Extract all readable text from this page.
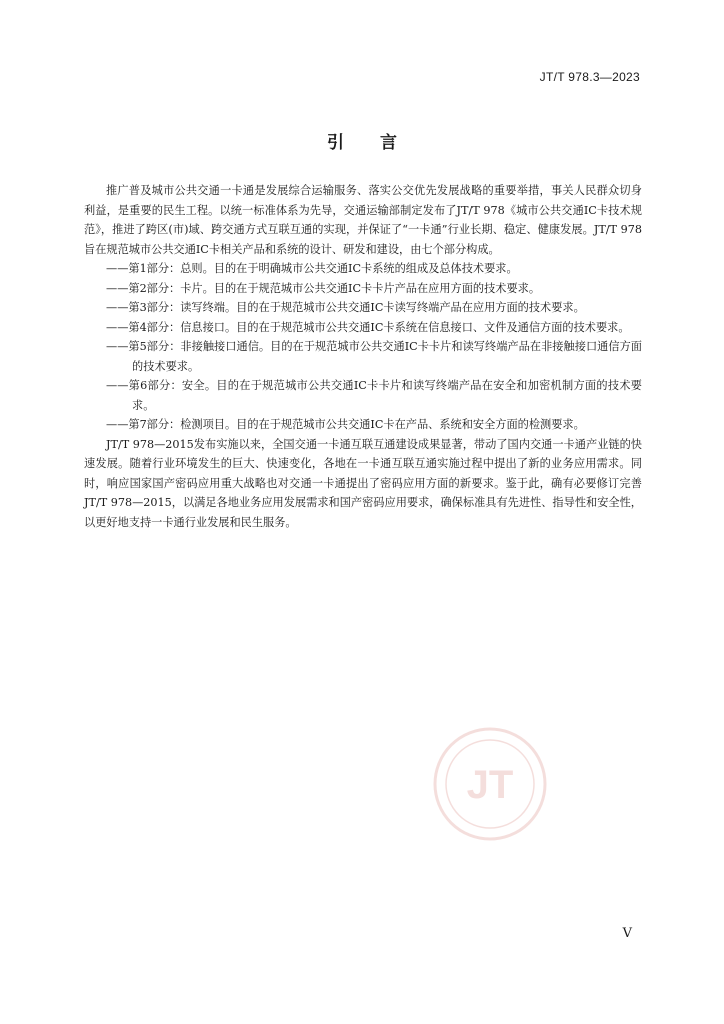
JT/T 978.3—2023
引言

推广普及城市公共交通一卡通是发展综合运输服务、落实公交优先发展战略的重要举措，事关人民群众切身利益，是重要的民生工程。以统一标准体系为先导，交通运输部制定发布了JT/T 978《城市公共交通IC卡技术规范》，推进了跨区(市)域、跨交通方式互联互通的实现，并保证了“一卡通”行业长期、稳定、健康发展。JT/T 978旨在规范城市公共交通IC卡相关产品和系统的设计、研发和建设，由七个部分构成。

——第1部分：总则。目的在于明确城市公共交通IC卡系统的组成及总体技术要求。

——第2部分：卡片。目的在于规范城市公共交通IC卡卡片产品在应用方面的技术要求。

——第3部分：读写终端。目的在于规范城市公共交通IC卡读写终端产品在应用方面的技术要求。

——第4部分：信息接口。目的在于规范城市公共交通IC卡系统在信息接口、文件及通信方面的技术要求。

——第5部分：非接触接口通信。目的在于规范城市公共交通IC卡卡片和读写终端产品在非接触接口通信方面的技术要求。

——第6部分：安全。目的在于规范城市公共交通IC卡卡片和读写终端产品在安全和加密机制方面的技术要求。

——第7部分：检测项目。目的在于规范城市公共交通IC卡在产品、系统和安全方面的检测要求。

JT/T 978—2015发布实施以来，全国交通一卡通互联互通建设成果显著，带动了国内交通一卡通产业链的快速发展。随着行业环境发生的巨大、快速变化，各地在一卡通互联互通实施过程中提出了新的业务应用需求。同时，响应国家国产密码应用重大战略也对交通一卡通提出了密码应用方面的新要求。鉴于此，确有必要修订完善JT/T 978—2015，以满足各地业务应用发展需求和国产密码应用要求，确保标准具有先进性、指导性和安全性，以更好地支持一卡通行业发展和民生服务。

JT
V
